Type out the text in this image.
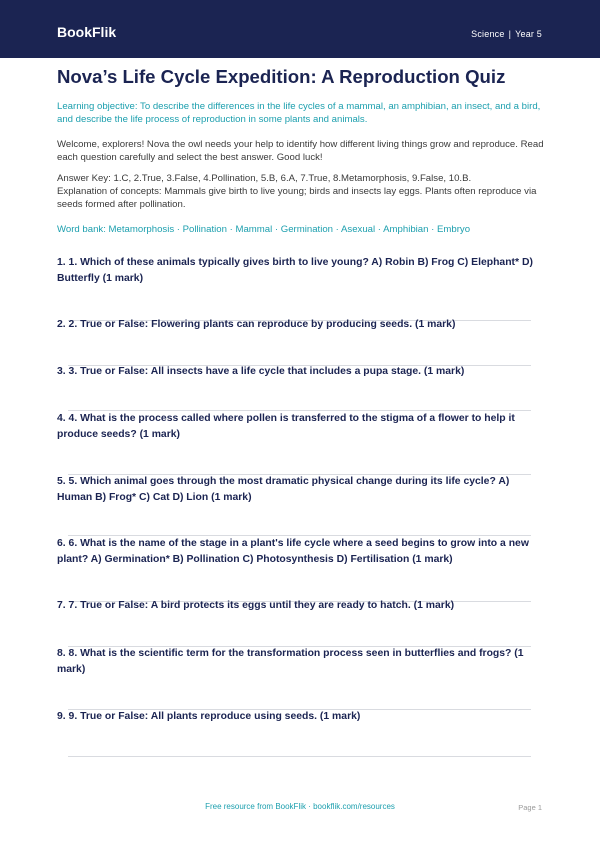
BookFlik	Science | Year 5
Nova’s Life Cycle Expedition: A Reproduction Quiz
Learning objective: To describe the differences in the life cycles of a mammal, an amphibian, an insect, and a bird, and describe the life process of reproduction in some plants and animals.
Welcome, explorers! Nova the owl needs your help to identify how different living things grow and reproduce. Read each question carefully and select the best answer. Good luck!

Answer Key: 1.C, 2.True, 3.False, 4.Pollination, 5.B, 6.A, 7.True, 8.Metamorphosis, 9.False, 10.B.

Explanation of concepts: Mammals give birth to live young; birds and insects lay eggs. Plants often reproduce via seeds formed after pollination.

Word bank: Metamorphosis · Pollination · Mammal · Germination · Asexual · Amphibian · Embryo
1. 1. Which of these animals typically gives birth to live young? A) Robin B) Frog C) Elephant* D) Butterfly (1 mark)
2. 2. True or False: Flowering plants can reproduce by producing seeds. (1 mark)
3. 3. True or False: All insects have a life cycle that includes a pupa stage. (1 mark)
4. 4. What is the process called where pollen is transferred to the stigma of a flower to help it produce seeds? (1 mark)
5. 5. Which animal goes through the most dramatic physical change during its life cycle? A) Human B) Frog* C) Cat D) Lion (1 mark)
6. 6. What is the name of the stage in a plant's life cycle where a seed begins to grow into a new plant? A) Germination* B) Pollination C) Photosynthesis D) Fertilisation (1 mark)
7. 7. True or False: A bird protects its eggs until they are ready to hatch. (1 mark)
8. 8. What is the scientific term for the transformation process seen in butterflies and frogs? (1 mark)
9. 9. True or False: All plants reproduce using seeds. (1 mark)
Free resource from BookFlik · bookflik.com/resources	Page 1
